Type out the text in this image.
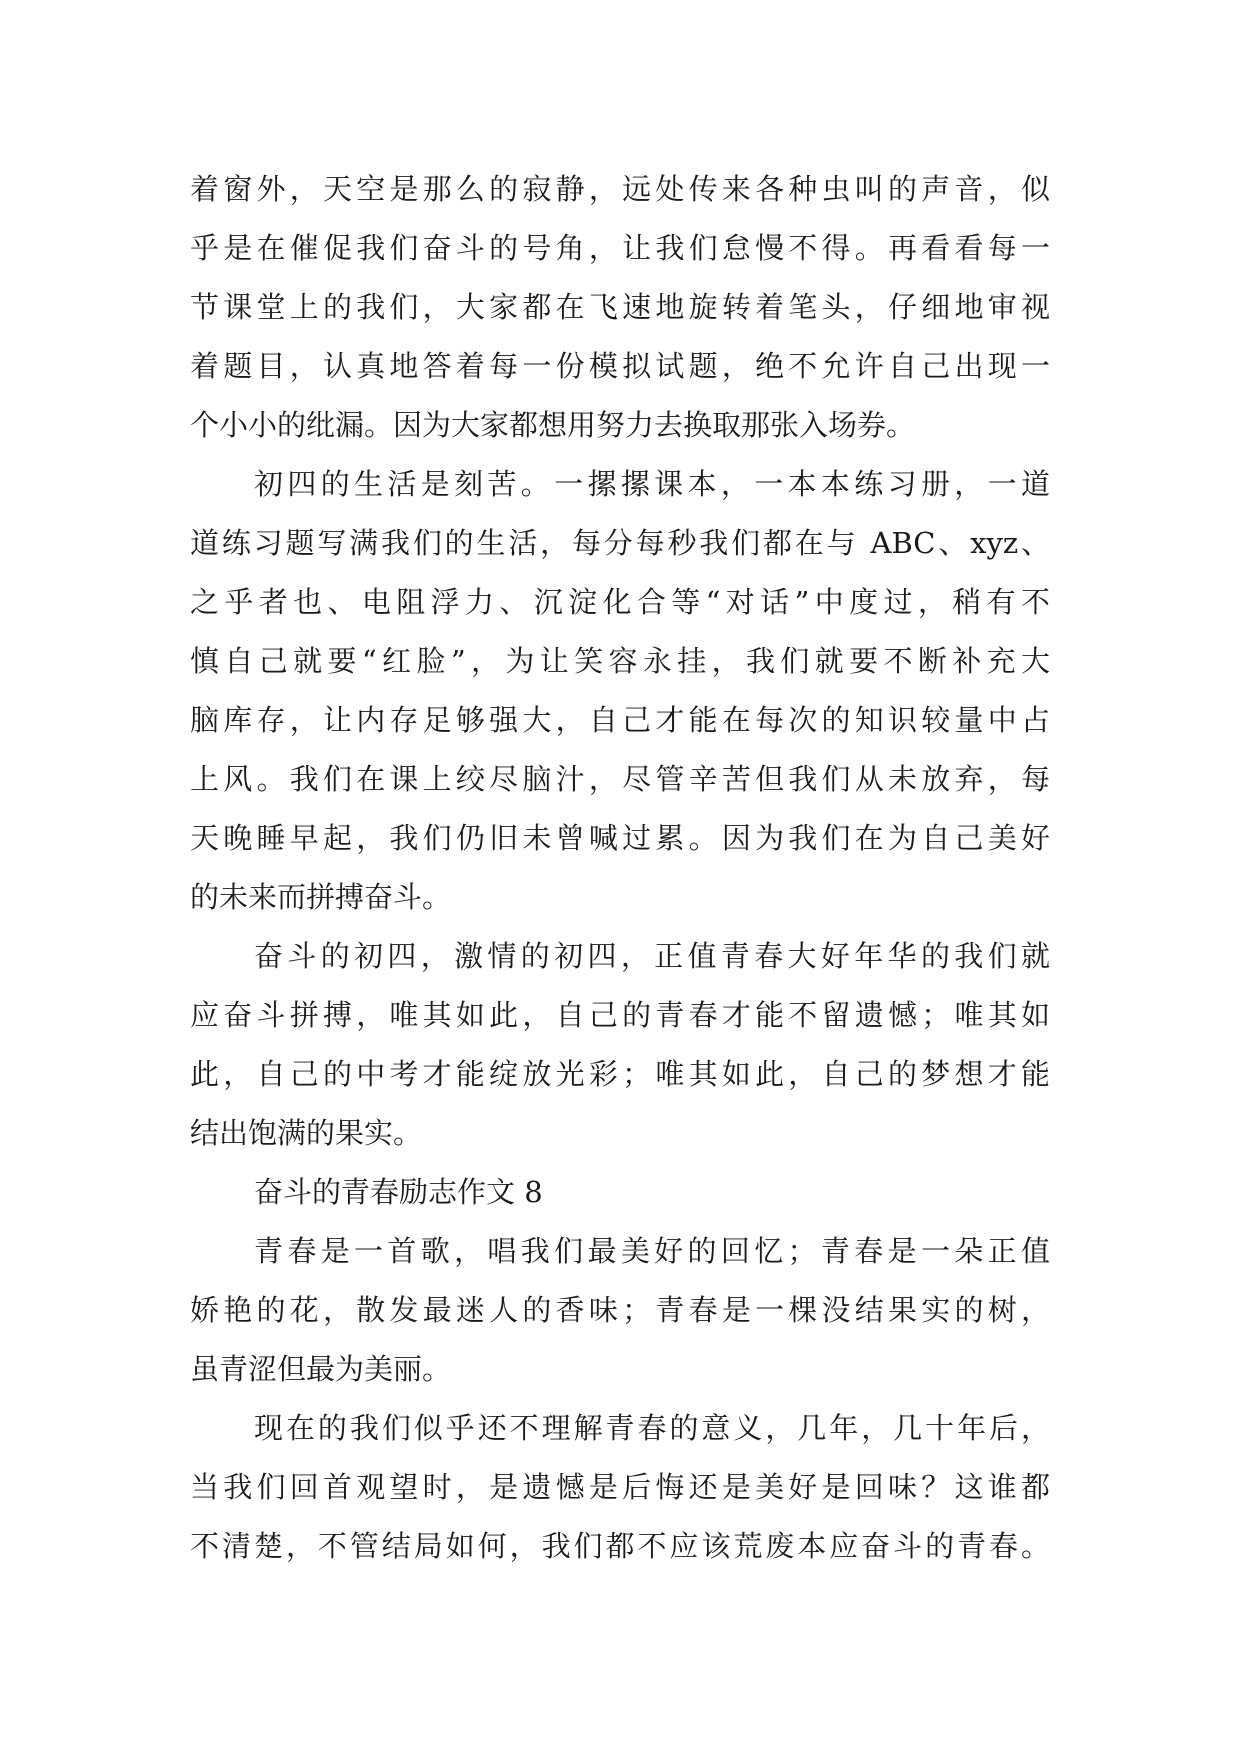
着窗外，天空是那么的寂静，远处传来各种虫叫的声音，似
乎是在催促我们奋斗的号角，让我们怠慢不得。再看看每一
节课堂上的我们，大家都在飞速地旋转着笔头，仔细地审视
着题目，认真地答着每一份模拟试题，绝不允许自己出现一
个小小的纰漏。因为大家都想用努力去换取那张入场券。
初四的生活是刻苦。一摞摞课本，一本本练习册，一道
道练习题写满我们的生活，每分每秒我们都在与 ABC、xyz、
之乎者也、电阻浮力、沉淀化合等“对话”中度过，稍有不
慎自己就要“红脸”，为让笑容永挂，我们就要不断补充大
脑库存，让内存足够强大，自己才能在每次的知识较量中占
上风。我们在课上绞尽脑汁，尽管辛苦但我们从未放弃，每
天晚睡早起，我们仍旧未曾喊过累。因为我们在为自己美好
的未来而拼搏奋斗。
奋斗的初四，激情的初四，正值青春大好年华的我们就
应奋斗拼搏，唯其如此，自己的青春才能不留遗憾；唯其如
此，自己的中考才能绽放光彩；唯其如此，自己的梦想才能
结出饱满的果实。
奋斗的青春励志作文 8
青春是一首歌，唱我们最美好的回忆；青春是一朵正值
娇艳的花，散发最迷人的香味；青春是一棵没结果实的树，
虽青涩但最为美丽。
现在的我们似乎还不理解青春的意义，几年，几十年后，
当我们回首观望时，是遗憾是后悔还是美好是回味？这谁都
不清楚，不管结局如何，我们都不应该荒废本应奋斗的青春。
